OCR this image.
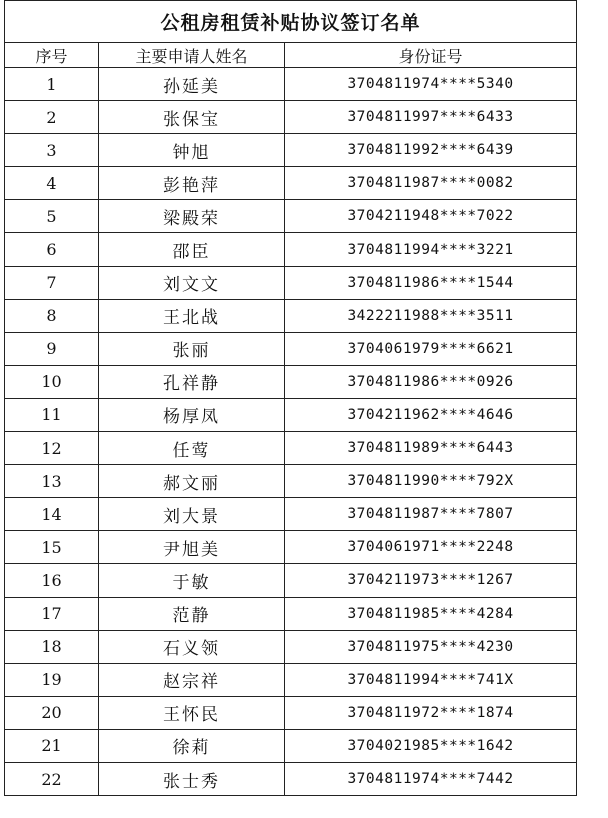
公租房租赁补贴协议签订名单		
序号	主要申请人姓名	身份证号
1	孙延美	3704811974****5340
2	张保宝	3704811997****6433
3	钟旭	3704811992****6439
4	彭艳萍	3704811987****0082
5	梁殿荣	3704211948****7022
6	邵臣	3704811994****3221
7	刘文文	3704811986****1544
8	王北战	3422211988****3511
9	张丽	3704061979****6621
10	孔祥静	3704811986****0926
11	杨厚凤	3704211962****4646
12	任莺	3704811989****6443
13	郝文丽	3704811990****792X
14	刘大景	3704811987****7807
15	尹旭美	3704061971****2248
16	于敏	3704211973****1267
17	范静	3704811985****4284
18	石义领	3704811975****4230
19	赵宗祥	3704811994****741X
20	王怀民	3704811972****1874
21	徐莉	3704021985****1642
22	张士秀	3704811974****7442
